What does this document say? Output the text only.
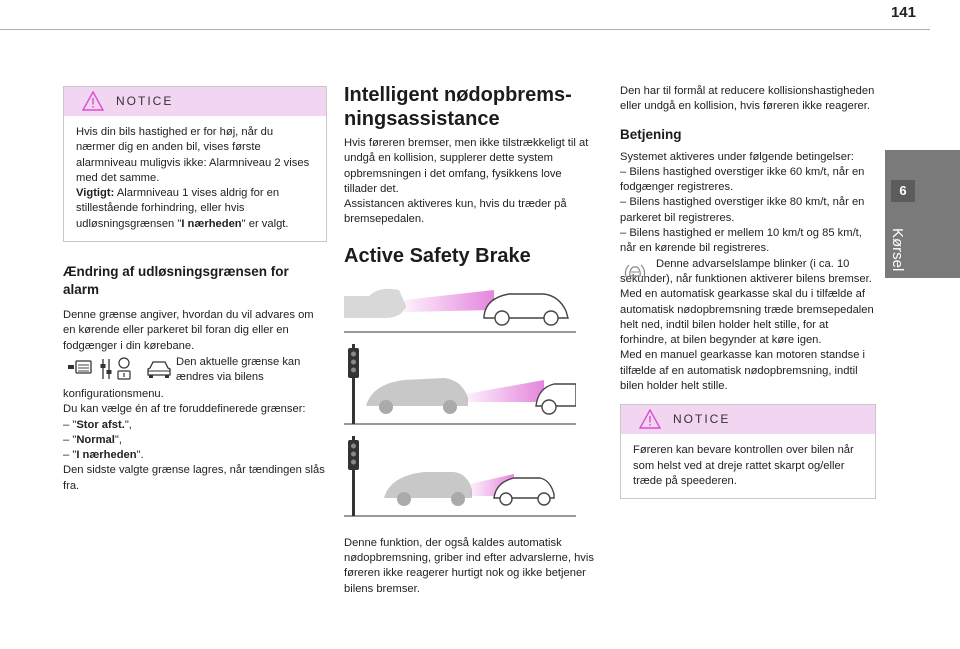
141
6
Kørsel
NOTICE

Hvis din bils hastighed er for høj, når du nærmer dig en anden bil, vises første alarmniveau muligvis ikke: Alarmniveau 2 vises med det samme.
Vigtigt: Alarmniveau 1 vises aldrig for en stillestående forhindring, eller hvis udløsningsgrænsen "I nærheden" er valgt.

Ændring af udløsningsgrænsen for alarm

Denne grænse angiver, hvordan du vil advares om en kørende eller parkeret bil foran dig eller en fodgænger i din kørebane.

Den aktuelle grænse kan ændres via bilens

konfigurationsmenu.

Du kan vælge én af tre foruddefinerede grænser:

– "Stor afst.",
– "Normal",
– "I nærheden".

Den sidste valgte grænse lagres, når tændingen slås fra.

Intelligent nødopbrems-
ningsassistance

Hvis føreren bremser, men ikke tilstrækkeligt til at undgå en kollision, supplerer dette system opbremsningen i det omfang, fysikkens love tillader det.

Assistancen aktiveres kun, hvis du træder på bremsepedalen.

Active Safety Brake

Denne funktion, der også kaldes automatisk nødopbremsning, griber ind efter advarslerne, hvis føreren ikke reagerer hurtigt nok og ikke betjener bilens bremser.

Den har til formål at reducere kollisionshastigheden eller undgå en kollision, hvis føreren ikke reagerer.

Betjening

Systemet aktiveres under følgende betingelser:

– Bilens hastighed overstiger ikke 60 km/t, når en fodgænger registreres.
– Bilens hastighed overstiger ikke 80 km/t, når en parkeret bil registreres.
– Bilens hastighed er mellem 10 km/t og 85 km/t, når en kørende bil registreres.

Denne advarselslampe blinker (i ca. 10 sekunder), når funktionen aktiverer bilens bremser.

Med en automatisk gearkasse skal du i tilfælde af automatisk nødopbremsning træde bremsepedalen helt ned, indtil bilen holder helt stille, for at forhindre, at bilen begynder at køre igen.

Med en manuel gearkasse kan motoren standse i tilfælde af en automatisk nødopbremsning, indtil bilen holder helt stille.

NOTICE

Føreren kan bevare kontrollen over bilen når som helst ved at dreje rattet skarpt og/eller træde på speederen.
